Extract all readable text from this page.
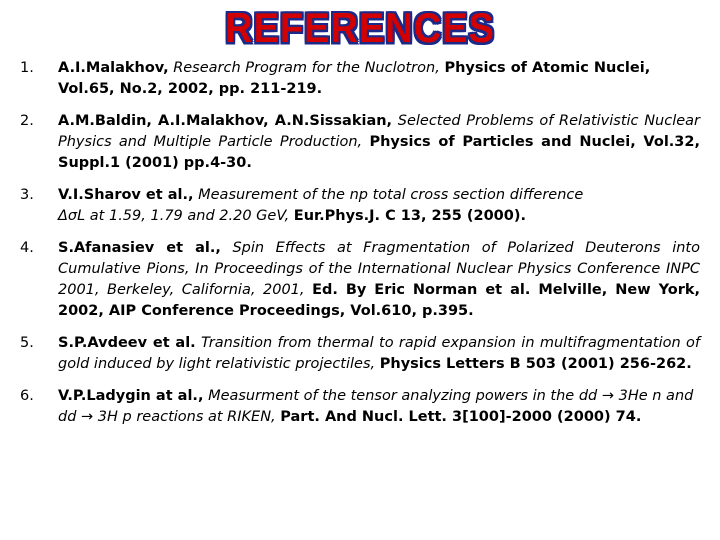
REFERENCES
1. A.I.Malakhov, Research Program for the Nuclotron, Physics of Atomic Nuclei, Vol.65, No.2, 2002, pp. 211-219.
2. A.M.Baldin, A.I.Malakhov, A.N.Sissakian, Selected Problems of Relativistic Nuclear Physics and Multiple Particle Production, Physics of Particles and Nuclei, Vol.32, Suppl.1 (2001) pp.4-30.
3. V.I.Sharov et al., Measurement of the np total cross section difference
ΔσL at 1.59, 1.79 and 2.20 GeV, Eur.Phys.J. C 13, 255 (2000).
4. S.Afanasiev et al., Spin Effects at Fragmentation of Polarized Deuterons into Cumulative Pions, In Proceedings of the International Nuclear Physics Conference INPC 2001, Berkeley, California, 2001, Ed. By Eric Norman et al. Melville, New York, 2002, AIP Conference Proceedings, Vol.610, p.395.
5. S.P.Avdeev et al. Transition from thermal to rapid expansion in multifragmentation of gold induced by light relativistic projectiles, Physics Letters B 503 (2001) 256-262.
6. V.P.Ladygin at al., Measurment of the tensor analyzing powers in the dd → 3He n and dd → 3H p reactions at RIKEN, Part. And Nucl. Lett. 3[100]-2000 (2000) 74.
